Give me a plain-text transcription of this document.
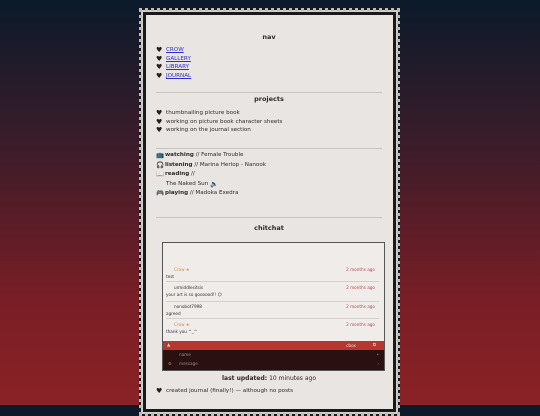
nav

♥ CROW
♥ GALLERY
♥ LIBRARY
♥ JOURNAL

projects

♥ thumbnailing picture book
♥ working on picture book character sheets
♥ working on the journal section
📺 watching
// Female Trouble
🎧 listening
// Marina Herlop - Nanook
📖 reading
//
The Naked Sun 🔈
🎮 playing
// Madoka Exedra

chitchat

Crow ★	2 months ago
test
urmiddlesitsis	2 months ago
your art is so goooood!! 😊
nonobot7998	2 months ago
agreed
Crow ★	2 months ago
thank you ^_^
▲	cbox	⧉
name	•
⚙ message	›
last updated: 10 minutes ago
♥ created journal (finally!) — although no posts
